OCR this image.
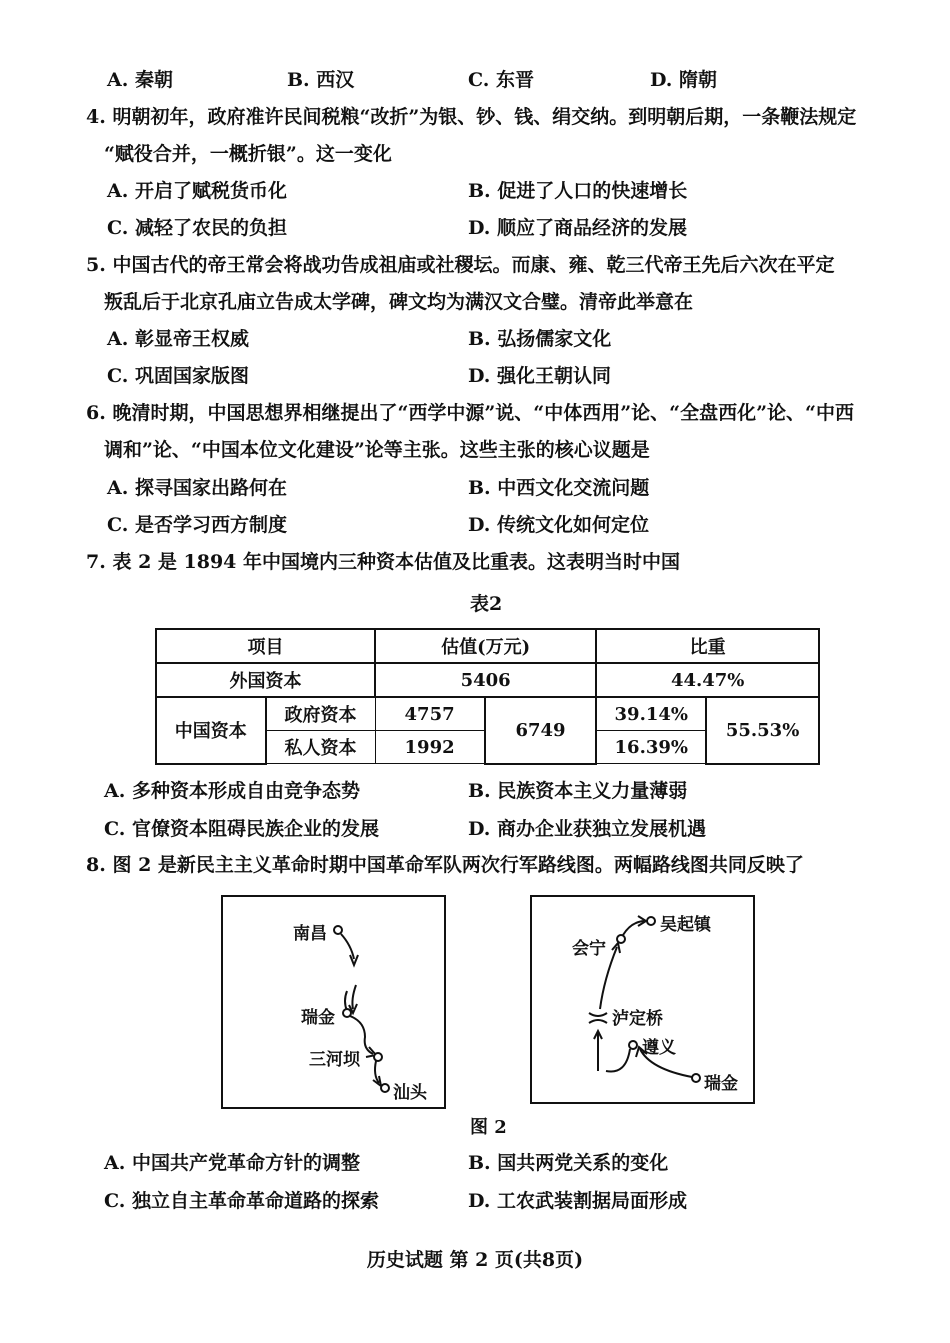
A. 秦朝	B. 西汉	C. 东晋	D. 隋朝
4. 明朝初年，政府准许民间税粮“改折”为银、钞、钱、绢交纳。到明朝后期，一条鞭法规定
“赋役合并，一概折银”。这一变化
A. 开启了赋税货币化	B. 促进了人口的快速增长
C. 减轻了农民的负担	D. 顺应了商品经济的发展
5. 中国古代的帝王常会将战功告成祖庙或社稷坛。而康、雍、乾三代帝王先后六次在平定
叛乱后于北京孔庙立告成太学碑，碑文均为满汉文合璧。清帝此举意在
A. 彰显帝王权威	B. 弘扬儒家文化
C. 巩固国家版图	D. 强化王朝认同
6. 晚清时期，中国思想界相继提出了“西学中源”说、“中体西用”论、“全盘西化”论、“中西
调和”论、“中国本位文化建设”论等主张。这些主张的核心议题是
A. 探寻国家出路何在	B. 中西文化交流问题
C. 是否学习西方制度	D. 传统文化如何定位
7. 表 2 是 1894 年中国境内三种资本估值及比重表。这表明当时中国
表2
项目		估值(万元)		比重	
外国资本		5406		44.47%	
中国资本	政府资本	4757	6749	39.14%	55.53%
	私人资本	1992		16.39%	
A. 多种资本形成自由竞争态势	B. 民族资本主义力量薄弱
C. 官僚资本阻碍民族企业的发展	D. 商办企业获独立发展机遇
8. 图 2 是新民主主义革命时期中国革命军队两次行军路线图。两幅路线图共同反映了
南昌
瑞金
三河坝
汕头
吴起镇
会宁
泸定桥
遵义
瑞金
图 2
A. 中国共产党革命方针的调整	B. 国共两党关系的变化
C. 独立自主革命革命道路的探索	D. 工农武装割据局面形成
历史试题 第 2 页(共8页)
